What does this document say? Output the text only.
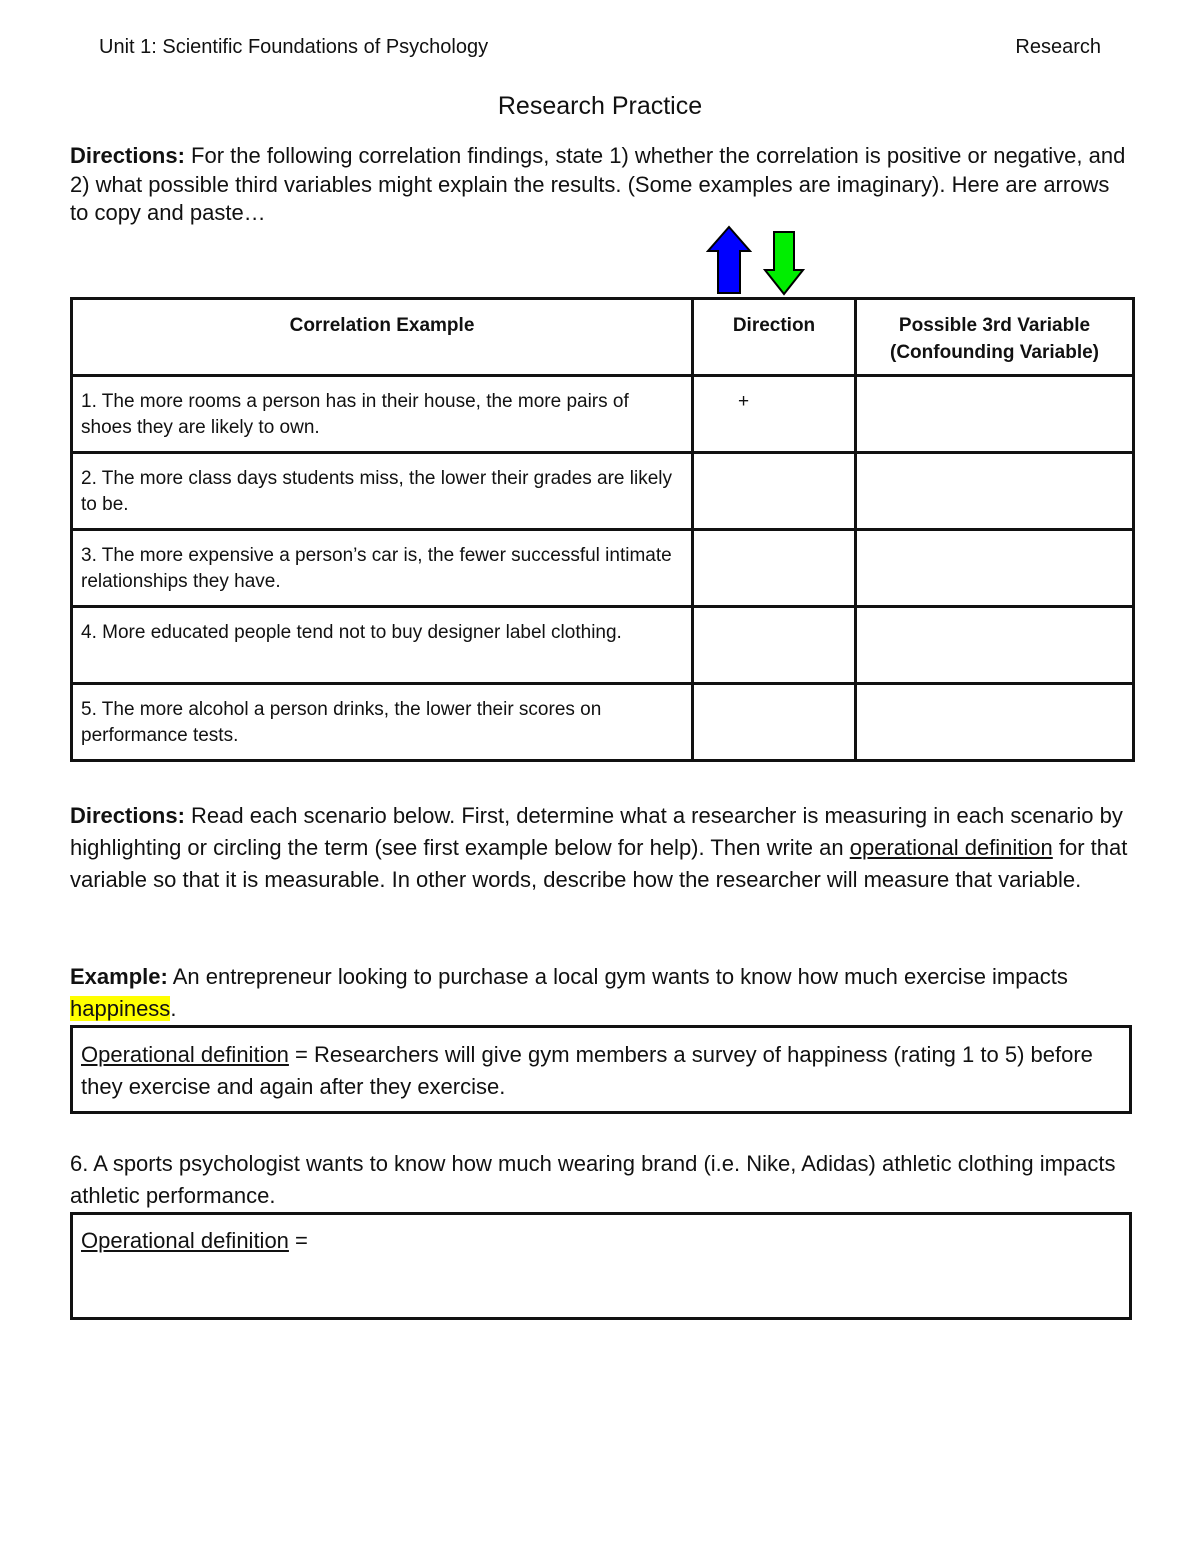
Unit 1: Scientific Foundations of Psychology	Research
Research Practice
Directions: For the following correlation findings, state 1) whether the correlation is positive or negative, and 2) what possible third variables might explain the results. (Some examples are imaginary). Here are arrows to copy and paste…
Correlation Example	Direction	Possible 3rd Variable (Confounding Variable)
1. The more rooms a person has in their house, the more pairs of shoes they are likely to own.	+	
2. The more class days students miss, the lower their grades are likely to be.		
3. The more expensive a person’s car is, the fewer successful intimate relationships they have.		
4. More educated people tend not to buy designer label clothing.		
5. The more alcohol a person drinks, the lower their scores on performance tests.		
Directions: Read each scenario below. First, determine what a researcher is measuring in each scenario by highlighting or circling the term (see first example below for help). Then write an operational definition for that variable so that it is measurable. In other words, describe how the researcher will measure that variable.
Example: An entrepreneur looking to purchase a local gym wants to know how much exercise impacts happiness.
Operational definition = Researchers will give gym members a survey of happiness (rating 1 to 5) before they exercise and again after they exercise.
6. A sports psychologist wants to know how much wearing brand (i.e. Nike, Adidas) athletic clothing impacts athletic performance.
Operational definition =
